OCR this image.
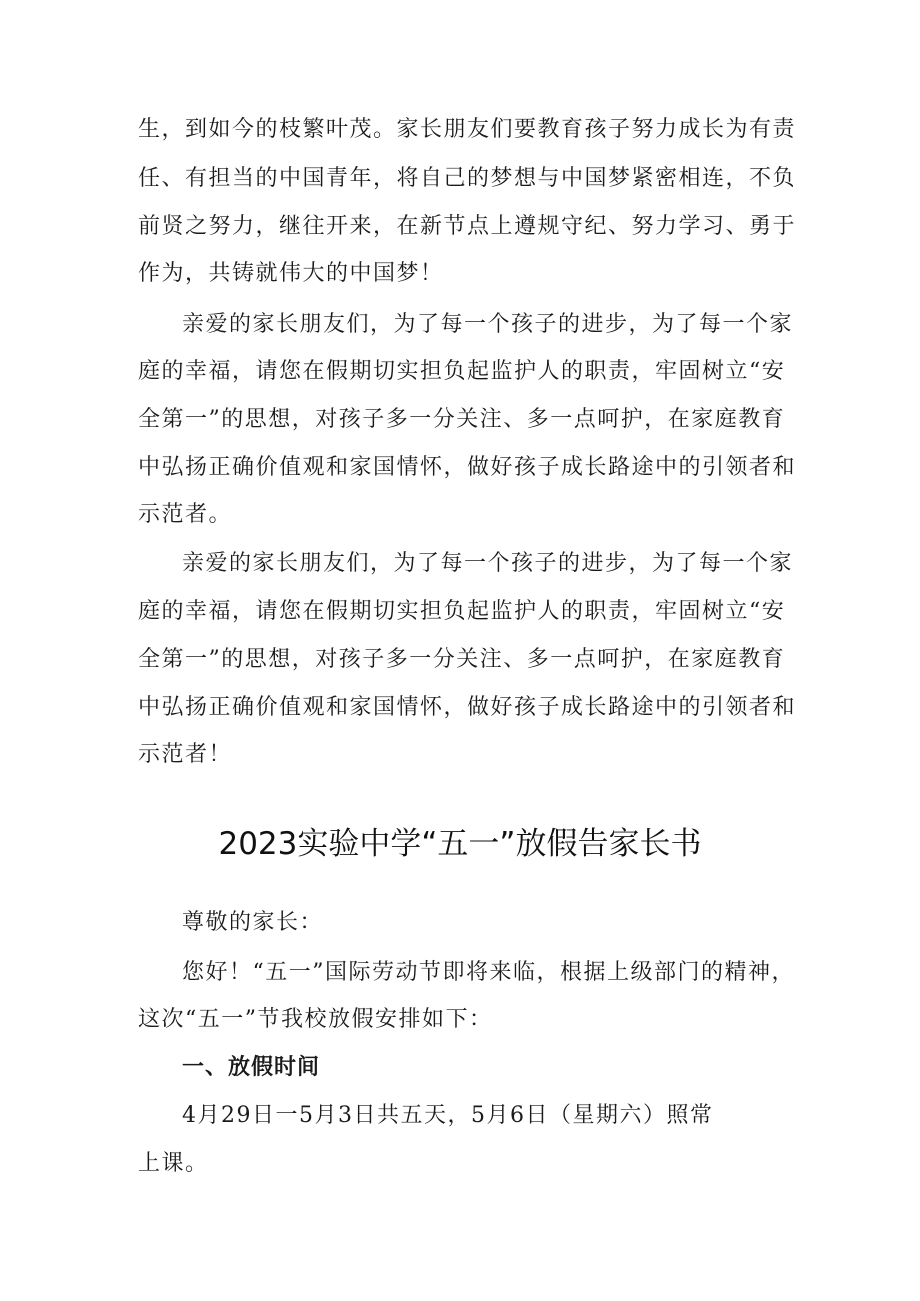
生，到如今的枝繁叶茂。家长朋友们要教育孩子努力成长为有责
任、有担当的中国青年，将自己的梦想与中国梦紧密相连，不负
前贤之努力，继往开来，在新节点上遵规守纪、努力学习、勇于
作为，共铸就伟大的中国梦！
亲爱的家长朋友们，为了每一个孩子的进步，为了每一个家
庭的幸福，请您在假期切实担负起监护人的职责，牢固树立“安
全第一”的思想，对孩子多一分关注、多一点呵护，在家庭教育
中弘扬正确价值观和家国情怀，做好孩子成长路途中的引领者和
示范者。
亲爱的家长朋友们，为了每一个孩子的进步，为了每一个家
庭的幸福，请您在假期切实担负起监护人的职责，牢固树立“安
全第一”的思想，对孩子多一分关注、多一点呵护，在家庭教育
中弘扬正确价值观和家国情怀，做好孩子成长路途中的引领者和
示范者！
2023实验中学“五一”放假告家长书
尊敬的家长：
您好！“五一”国际劳动节即将来临，根据上级部门的精神，
这次“五一”节我校放假安排如下：
一、放假时间
4月29日一5月3日共五天，5月6日（星期六）照常
上课。
